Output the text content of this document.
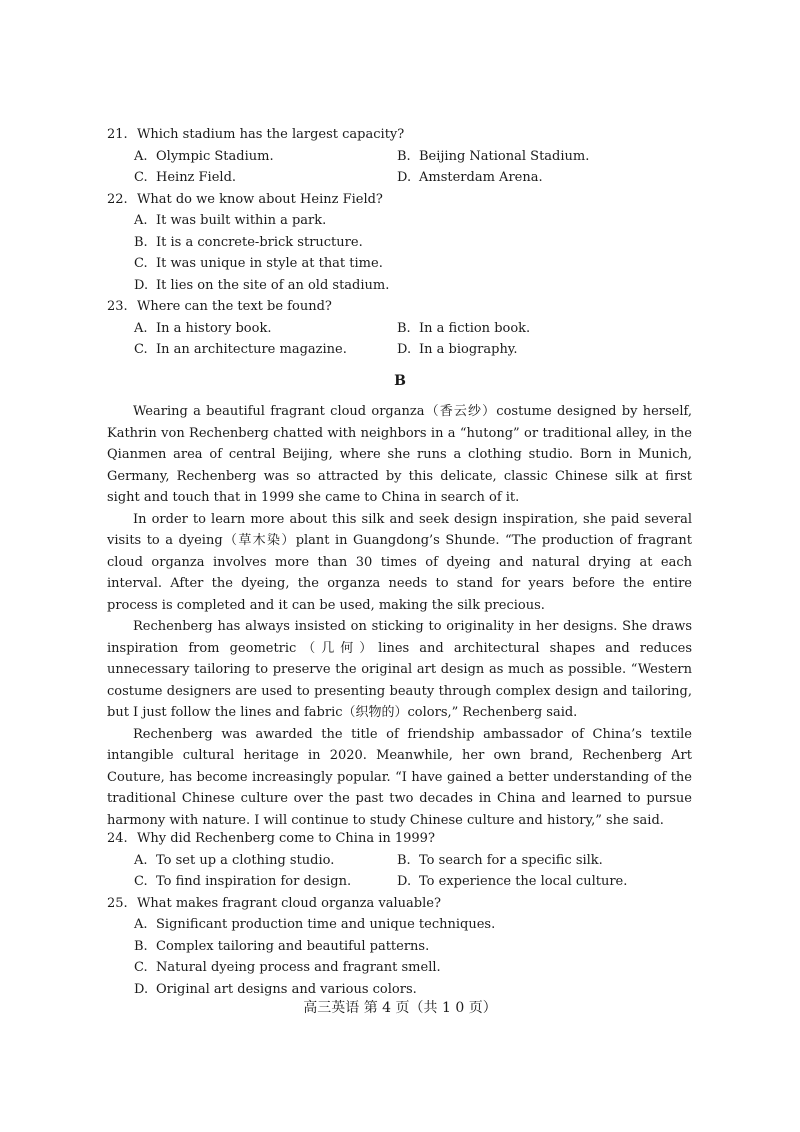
21. Which stadium has the largest capacity?
A. Olympic Stadium.	B. Beijing National Stadium.
C. Heinz Field.	D. Amsterdam Arena.
22. What do we know about Heinz Field?
A. It was built within a park.
B. It is a concrete-brick structure.
C. It was unique in style at that time.
D. It lies on the site of an old stadium.
23. Where can the text be found?
A. In a history book.	B. In a fiction book.
C. In an architecture magazine.	D. In a biography.
B

Wearing a beautiful fragrant cloud organza（香云纱）costume designed by herself, Kathrin von Rechenberg chatted with neighbors in a “hutong” or traditional alley, in the Qianmen area of central Beijing, where she runs a clothing studio. Born in Munich, Germany, Rechenberg was so attracted by this delicate, classic Chinese silk at first sight and touch that in 1999 she came to China in search of it.

In order to learn more about this silk and seek design inspiration, she paid several visits to a dyeing（草木染）plant in Guangdong’s Shunde. “The production of fragrant cloud organza involves more than 30 times of dyeing and natural drying at each interval. After the dyeing, the organza needs to stand for years before the entire process is completed and it can be used, making the silk precious.

Rechenberg has always insisted on sticking to originality in her designs. She draws inspiration from geometric（几何）lines and architectural shapes and reduces unnecessary tailoring to preserve the original art design as much as possible. “Western costume designers are used to presenting beauty through complex design and tailoring, but I just follow the lines and fabric（织物的）colors,” Rechenberg said.

Rechenberg was awarded the title of friendship ambassador of China’s textile intangible cultural heritage in 2020. Meanwhile, her own brand, Rechenberg Art Couture, has become increasingly popular. “I have gained a better understanding of the traditional Chinese culture over the past two decades in China and learned to pursue harmony with nature. I will continue to study Chinese culture and history,” she said.

24. Why did Rechenberg come to China in 1999?
A. To set up a clothing studio.	B. To search for a specific silk.
C. To find inspiration for design.	D. To experience the local culture.
25. What makes fragrant cloud organza valuable?
A. Significant production time and unique techniques.
B. Complex tailoring and beautiful patterns.
C. Natural dyeing process and fragrant smell.
D. Original art designs and various colors.
高三英语 第 4 页（共 1 0 页）
